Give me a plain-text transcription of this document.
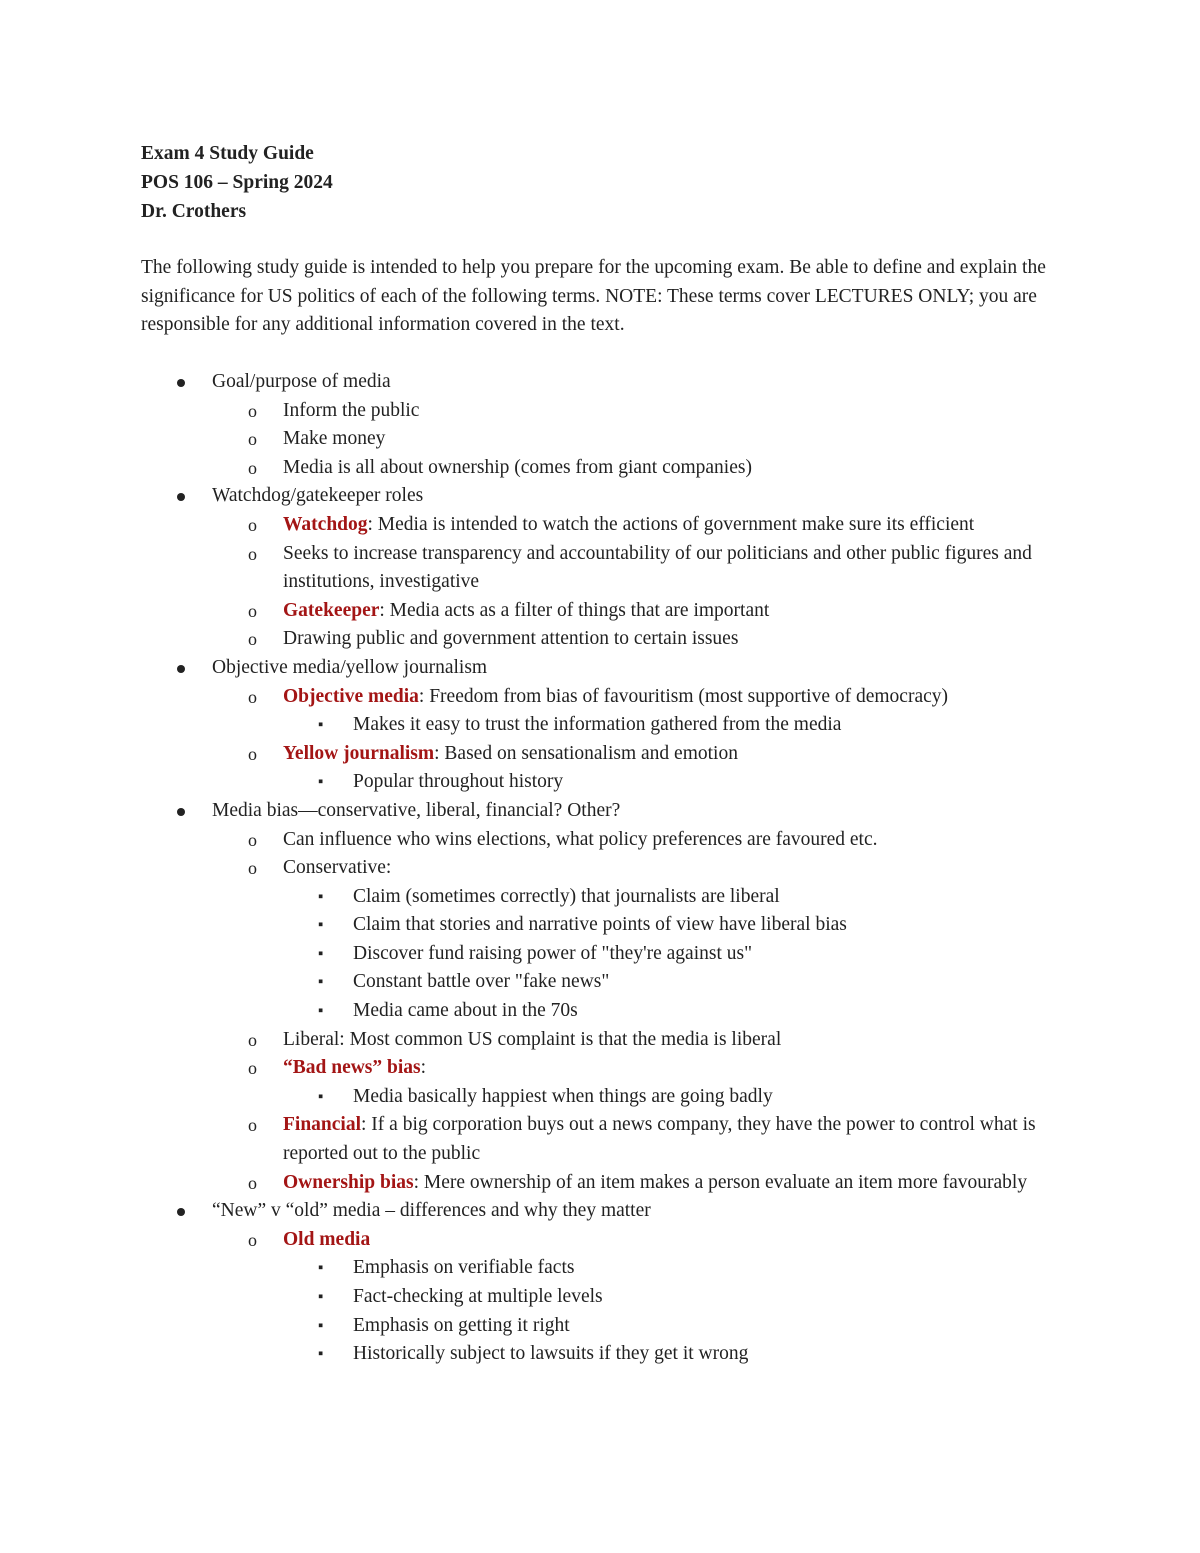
Exam 4 Study Guide
POS 106 – Spring 2024
Dr. Crothers

The following study guide is intended to help you prepare for the upcoming exam. Be able to define and explain the significance for US politics of each of the following terms. NOTE: These terms cover LECTURES ONLY; you are responsible for any additional information covered in the text.

Goal/purpose of media
o Inform the public
o Make money
o Media is all about ownership (comes from giant companies)
Watchdog/gatekeeper roles
o Watchdog: Media is intended to watch the actions of government make sure its efficient
o Seeks to increase transparency and accountability of our politicians and other public figures and institutions, investigative
o Gatekeeper: Media acts as a filter of things that are important
o Drawing public and government attention to certain issues
Objective media/yellow journalism
o Objective media: Freedom from bias of favouritism (most supportive of democracy)
▪ Makes it easy to trust the information gathered from the media
o Yellow journalism: Based on sensationalism and emotion
▪ Popular throughout history
Media bias—conservative, liberal, financial? Other?
o Can influence who wins elections, what policy preferences are favoured etc.
o Conservative:
▪ Claim (sometimes correctly) that journalists are liberal
▪ Claim that stories and narrative points of view have liberal bias
▪ Discover fund raising power of "they're against us"
▪ Constant battle over "fake news"
▪ Media came about in the 70s
o Liberal: Most common US complaint is that the media is liberal
o “Bad news” bias:
▪ Media basically happiest when things are going badly
o Financial: If a big corporation buys out a news company, they have the power to control what is reported out to the public
o Ownership bias: Mere ownership of an item makes a person evaluate an item more favourably
“New” v “old” media – differences and why they matter
o Old media
▪ Emphasis on verifiable facts
▪ Fact-checking at multiple levels
▪ Emphasis on getting it right
▪ Historically subject to lawsuits if they get it wrong
